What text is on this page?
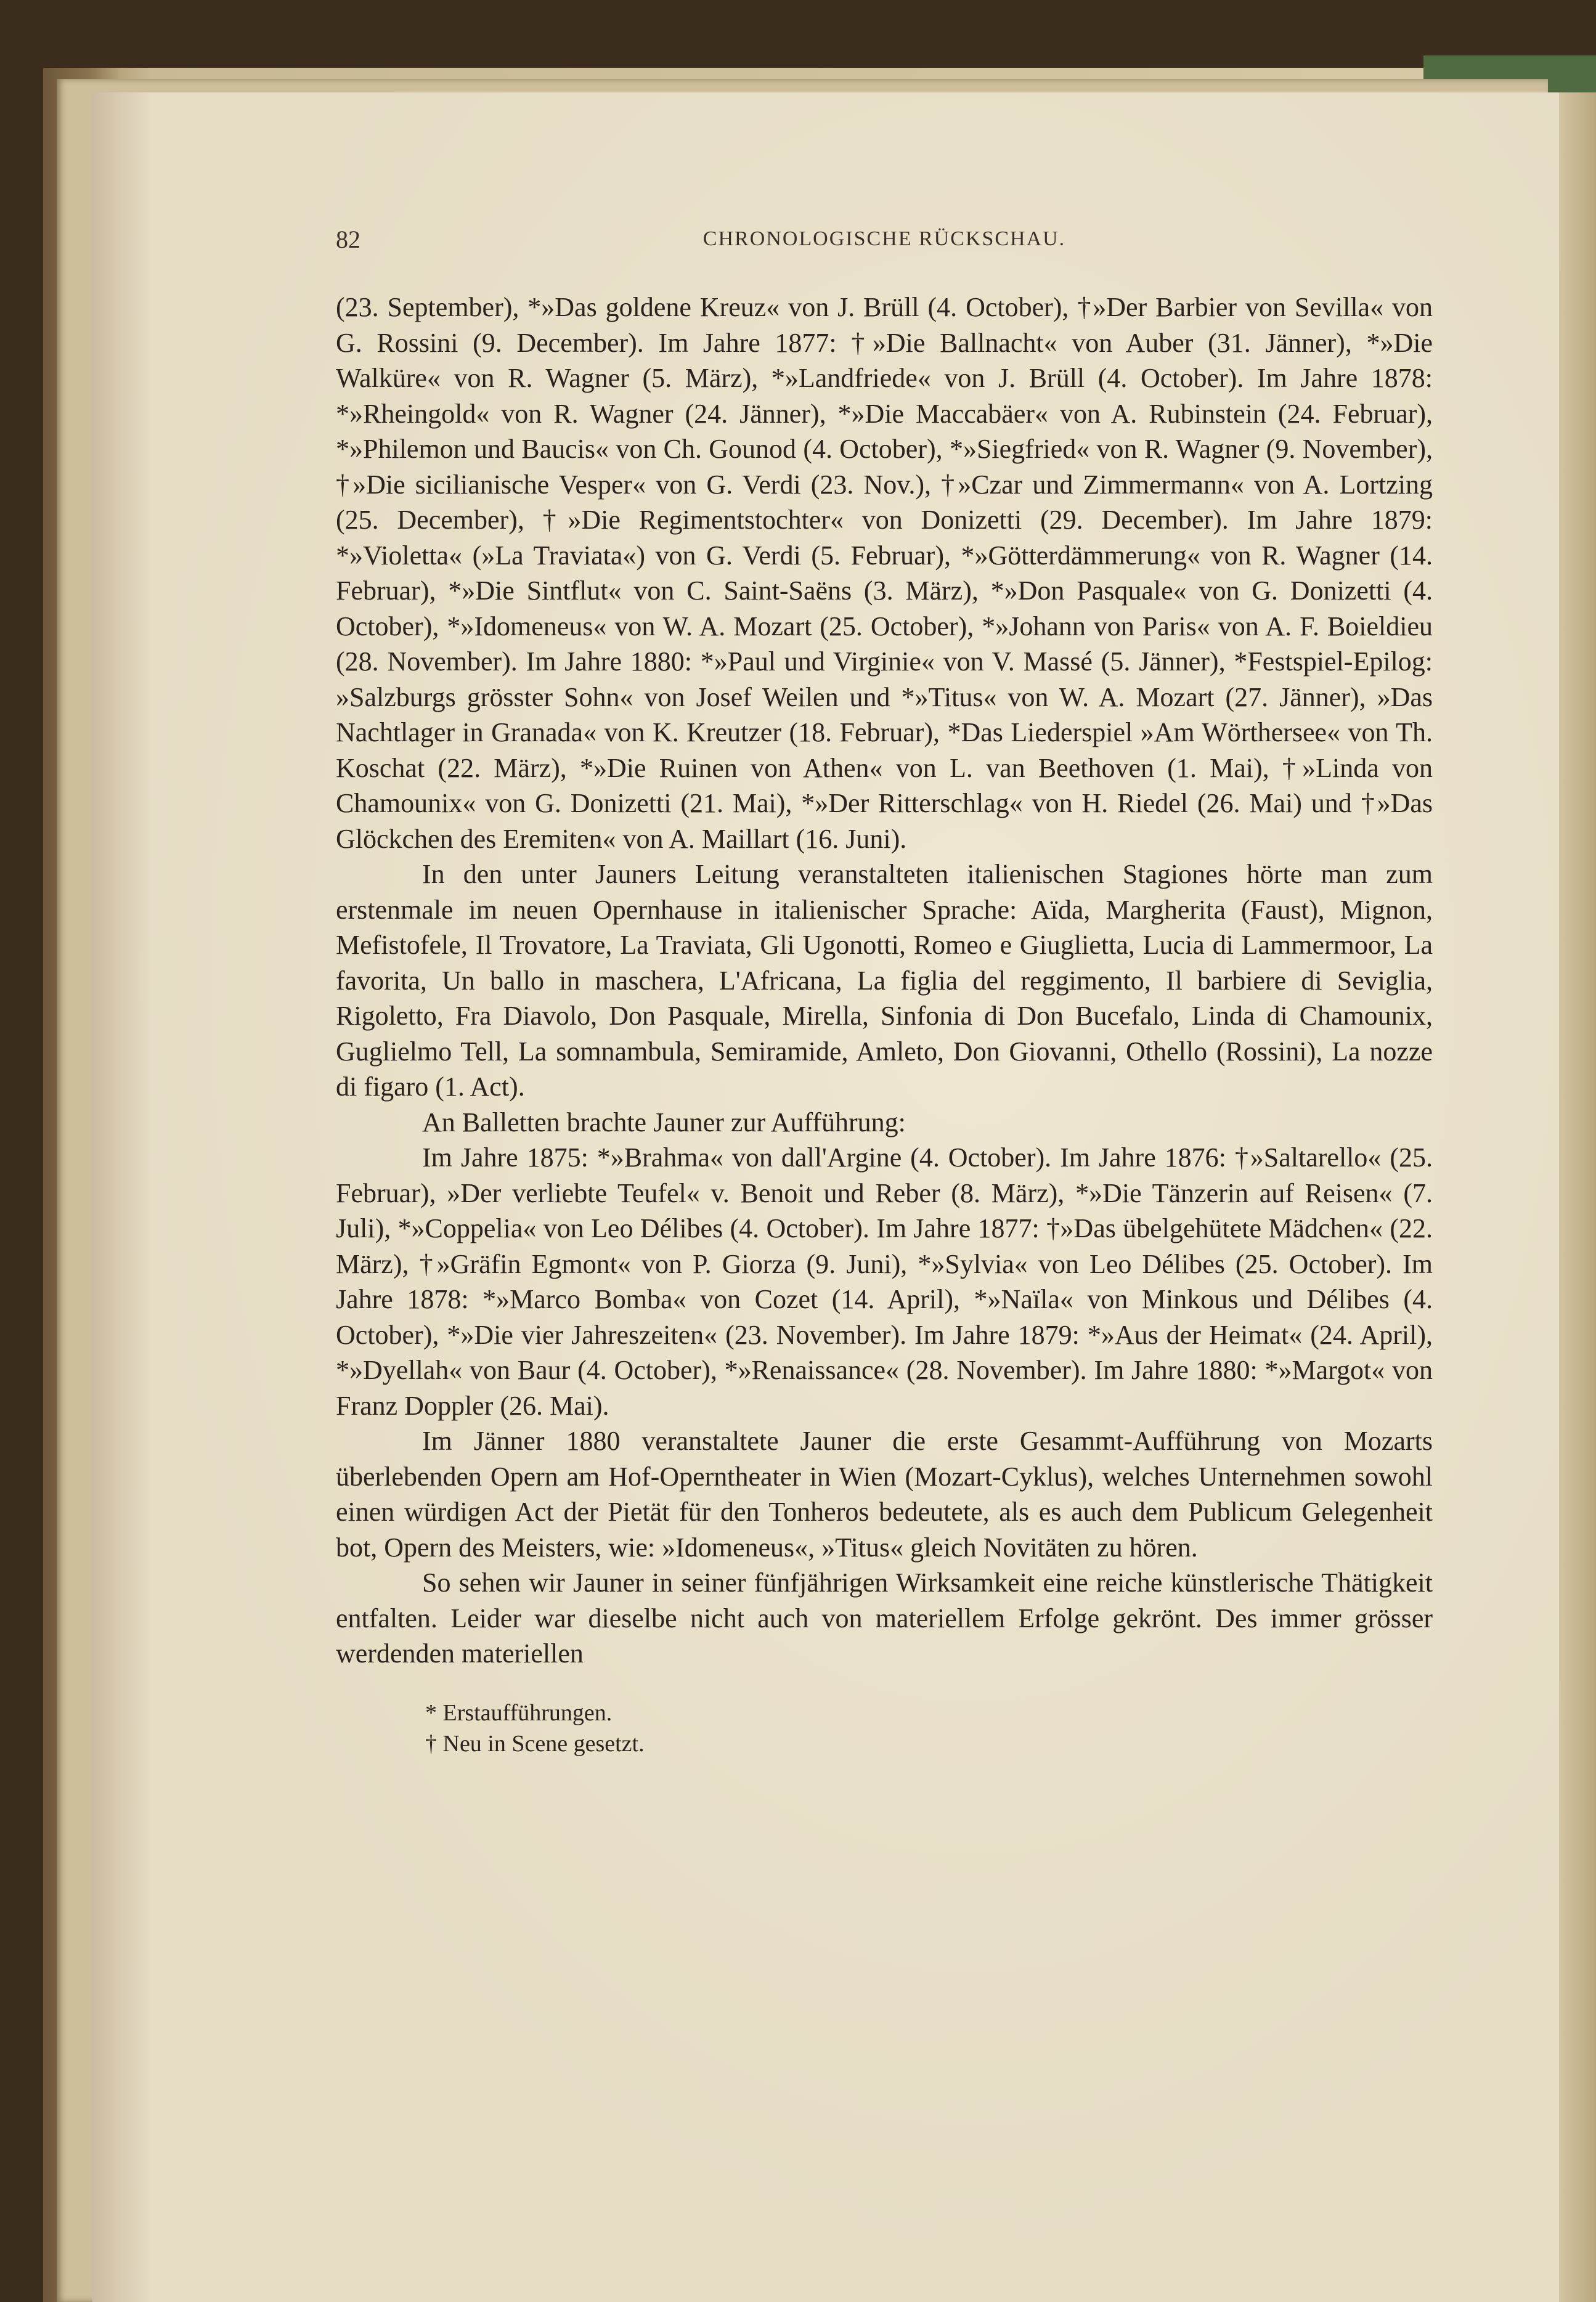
82	CHRONOLOGISCHE RÜCKSCHAU.

(23. September), *»Das goldene Kreuz« von J. Brüll (4. October), †»Der Barbier von Sevilla« von G. Rossini (9. December). Im Jahre 1877: †»Die Ballnacht« von Auber (31. Jänner), *»Die Walküre« von R. Wagner (5. März), *»Landfriede« von J. Brüll (4. October). Im Jahre 1878: *»Rheingold« von R. Wagner (24. Jänner), *»Die Maccabäer« von A. Rubinstein (24. Februar), *»Philemon und Baucis« von Ch. Gounod (4. October), *»Siegfried« von R. Wagner (9. November), †»Die sicilianische Vesper« von G. Verdi (23. Nov.), †»Czar und Zimmermann« von A. Lortzing (25. December), †»Die Regimentstochter« von Donizetti (29. December). Im Jahre 1879: *»Violetta« (»La Traviata«) von G. Verdi (5. Februar), *»Götterdämmerung« von R. Wagner (14. Februar), *»Die Sintflut« von C. Saint-Saëns (3. März), *»Don Pasquale« von G. Donizetti (4. October), *»Idomeneus« von W. A. Mozart (25. October), *»Johann von Paris« von A. F. Boieldieu (28. November). Im Jahre 1880: *»Paul und Virginie« von V. Massé (5. Jänner), *Festspiel-Epilog: »Salzburgs grösster Sohn« von Josef Weilen und *»Titus« von W. A. Mozart (27. Jänner), »Das Nachtlager in Granada« von K. Kreutzer (18. Februar), *Das Liederspiel »Am Wörthersee« von Th. Koschat (22. März), *»Die Ruinen von Athen« von L. van Beethoven (1. Mai), †»Linda von Chamounix« von G. Donizetti (21. Mai), *»Der Ritterschlag« von H. Riedel (26. Mai) und †»Das Glöckchen des Eremiten« von A. Maillart (16. Juni).

In den unter Jauners Leitung veranstalteten italienischen Stagiones hörte man zum erstenmale im neuen Opernhause in italienischer Sprache: Aïda, Margherita (Faust), Mignon, Mefistofele, Il Trovatore, La Traviata, Gli Ugonotti, Romeo e Giuglietta, Lucia di Lammermoor, La favorita, Un ballo in maschera, L'Africana, La figlia del reggimento, Il barbiere di Seviglia, Rigoletto, Fra Diavolo, Don Pasquale, Mirella, Sinfonia di Don Bucefalo, Linda di Chamounix, Guglielmo Tell, La somnambula, Semiramide, Amleto, Don Giovanni, Othello (Rossini), La nozze di figaro (1. Act).

An Balletten brachte Jauner zur Aufführung:

Im Jahre 1875: *»Brahma« von dall'Argine (4. October). Im Jahre 1876: †»Saltarello« (25. Februar), »Der verliebte Teufel« v. Benoit und Reber (8. März), *»Die Tänzerin auf Reisen« (7. Juli), *»Coppelia« von Leo Délibes (4. October). Im Jahre 1877: †»Das übelgehütete Mädchen« (22. März), †»Gräfin Egmont« von P. Giorza (9. Juni), *»Sylvia« von Leo Délibes (25. October). Im Jahre 1878: *»Marco Bomba« von Cozet (14. April), *»Naïla« von Minkous und Délibes (4. October), *»Die vier Jahreszeiten« (23. November). Im Jahre 1879: *»Aus der Heimat« (24. April), *»Dyellah« von Baur (4. October), *»Renaissance« (28. November). Im Jahre 1880: *»Margot« von Franz Doppler (26. Mai).

Im Jänner 1880 veranstaltete Jauner die erste Gesammt-Aufführung von Mozarts überlebenden Opern am Hof-Operntheater in Wien (Mozart-Cyklus), welches Unternehmen sowohl einen würdigen Act der Pietät für den Tonheros bedeutete, als es auch dem Publicum Gelegenheit bot, Opern des Meisters, wie: »Idomeneus«, »Titus« gleich Novitäten zu hören.

So sehen wir Jauner in seiner fünfjährigen Wirksamkeit eine reiche künstlerische Thätigkeit entfalten. Leider war dieselbe nicht auch von materiellem Erfolge gekrönt. Des immer grösser werdenden materiellen

* Erstaufführungen.

† Neu in Scene gesetzt.
